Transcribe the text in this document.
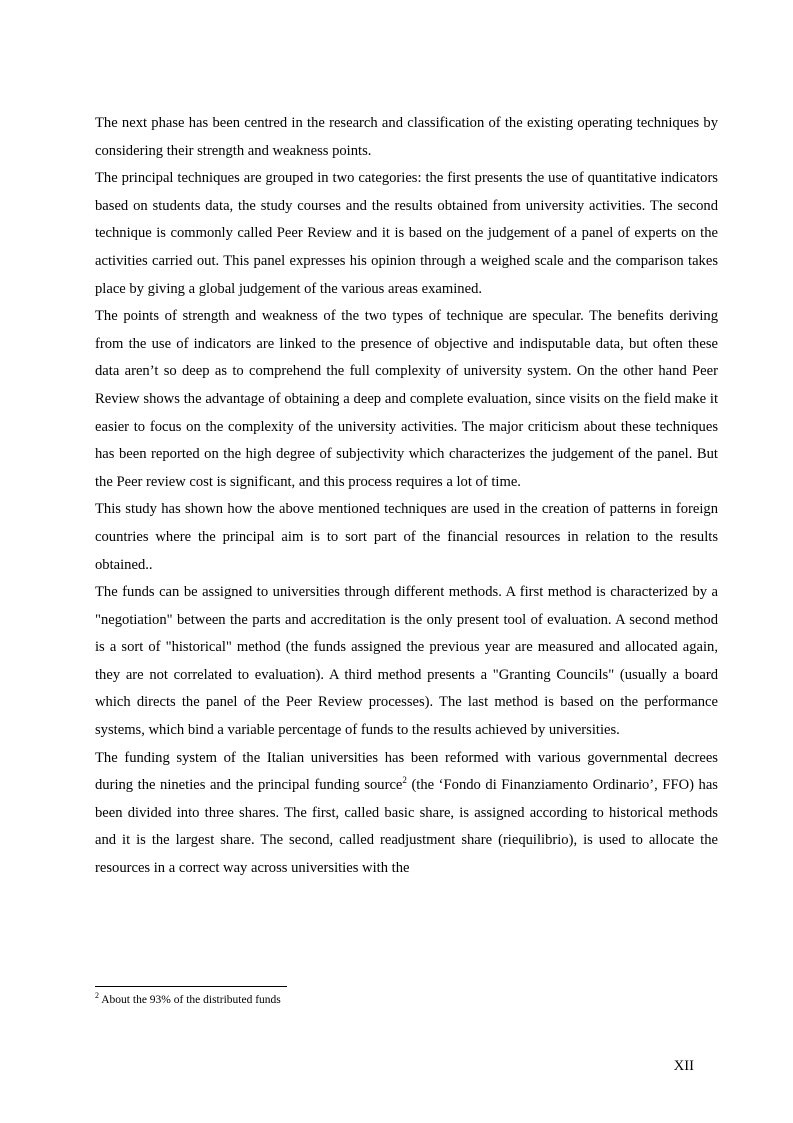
The next phase has been centred in the research and classification of the existing operating techniques by considering their strength and weakness points.

The principal techniques are grouped in two categories: the first presents the use of quantitative indicators based on students data, the study courses and the results obtained from university activities. The second technique is commonly called Peer Review and it is based on the judgement of a panel of experts on the activities carried out. This panel expresses his opinion through a weighed scale and the comparison takes place by giving a global judgement of the various areas examined.

The points of strength and weakness of the two types of technique are specular. The benefits deriving from the use of indicators are linked to the presence of objective and indisputable data, but often these data aren’t so deep as to comprehend the full complexity of university system. On the other hand Peer Review shows the advantage of obtaining a deep and complete evaluation, since visits on the field make it easier to focus on the complexity of the university activities. The major criticism about these techniques has been reported on the high degree of subjectivity which characterizes the judgement of the panel. But the Peer review cost is significant, and this process requires a lot of time.

This study has shown how the above mentioned techniques are used in the creation of patterns in foreign countries where the principal aim is to sort part of the financial resources in relation to the results obtained..

The funds can be assigned to universities through different methods. A first method is characterized by a "negotiation" between the parts and accreditation is the only present tool of evaluation. A second method is a sort of "historical" method (the funds assigned the previous year are measured and allocated again, they are not correlated to evaluation). A third method presents a "Granting Councils" (usually a board which directs the panel of the Peer Review processes). The last method is based on the performance systems, which bind a variable percentage of funds to the results achieved by universities.

The funding system of the Italian universities has been reformed with various governmental decrees during the nineties and the principal funding source$^2$ (the ‘Fondo di Finanziamento Ordinario’, FFO) has been divided into three shares. The first, called basic share, is assigned according to historical methods and it is the largest share. The second, called readjustment share (riequilibrio), is used to allocate the resources in a correct way across universities with the

$^2$ About the 93% of the distributed funds
XII
